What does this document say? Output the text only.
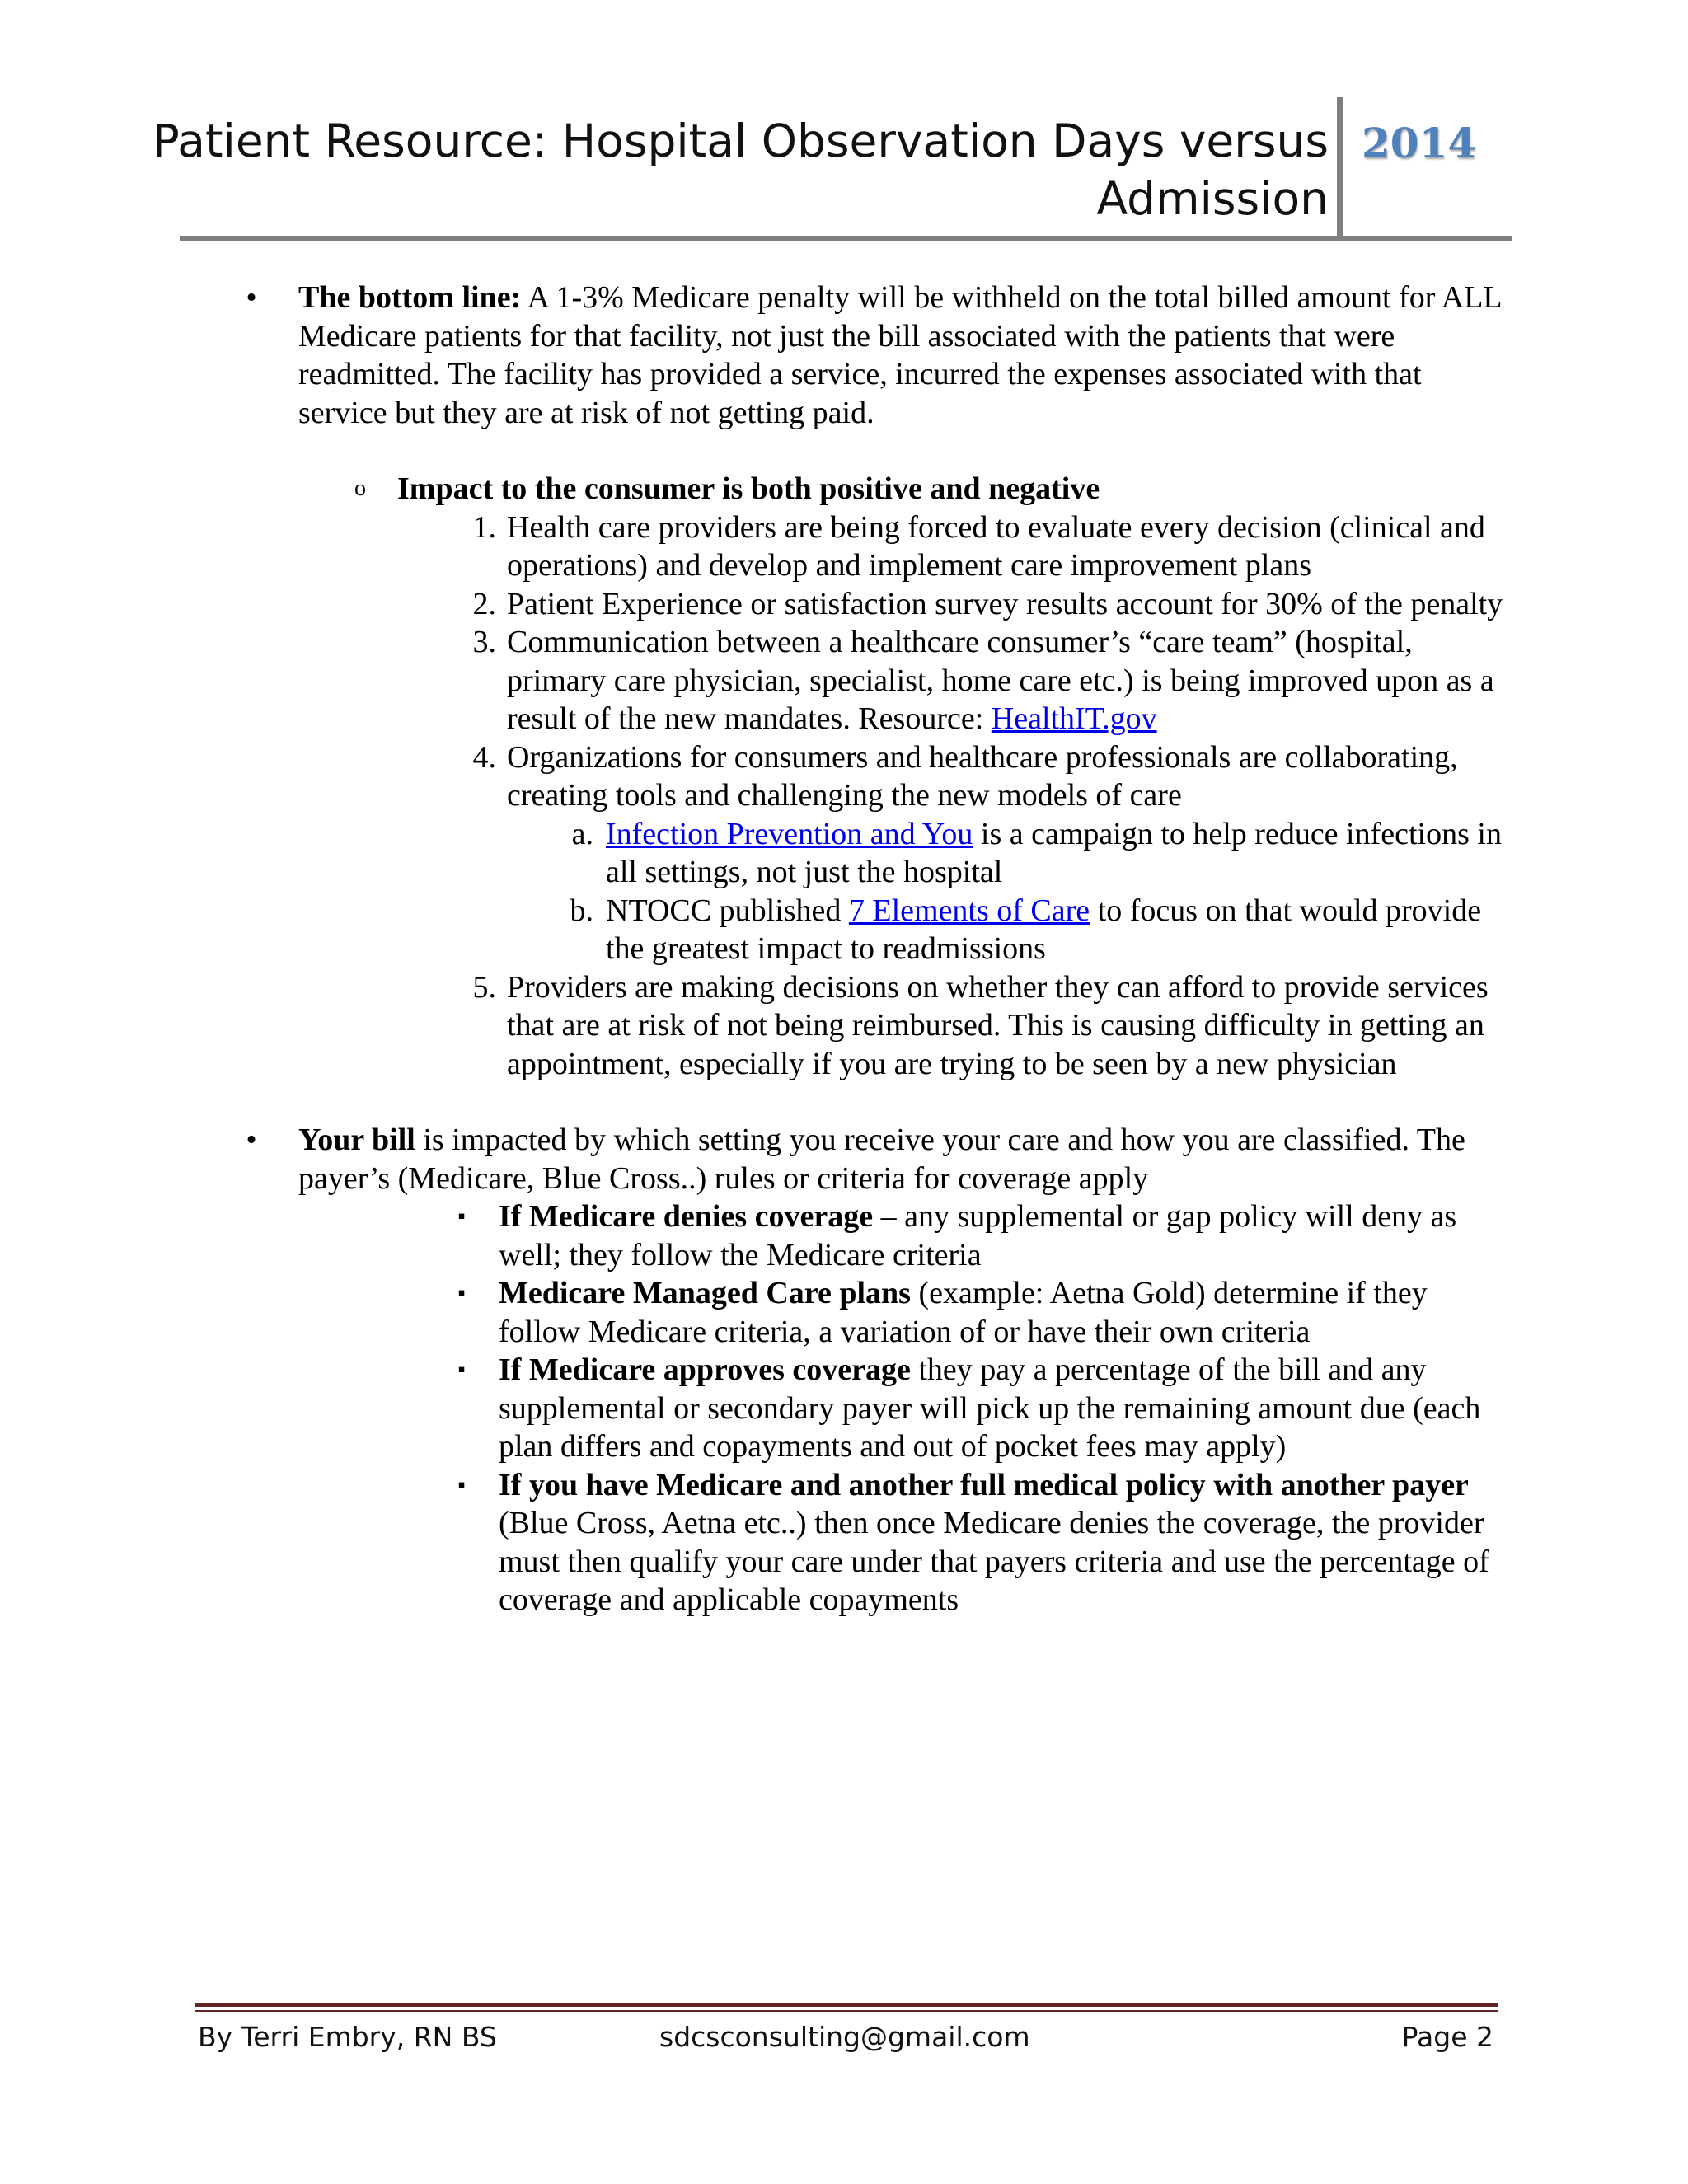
Patient Resource: Hospital Observation Days versus
Admission
2014
• The bottom line: A 1-3% Medicare penalty will be withheld on the total billed amount for ALL Medicare patients for that facility, not just the bill associated with the patients that were readmitted. The facility has provided a service, incurred the expenses associated with that service but they are at risk of not getting paid.
o Impact to the consumer is both positive and negative
1. Health care providers are being forced to evaluate every decision (clinical and operations) and develop and implement care improvement plans
2. Patient Experience or satisfaction survey results account for 30% of the penalty
3. Communication between a healthcare consumer’s “care team” (hospital, primary care physician, specialist, home care etc.) is being improved upon as a result of the new mandates. Resource: HealthIT.gov
4. Organizations for consumers and healthcare professionals are collaborating, creating tools and challenging the new models of care
a. Infection Prevention and You is a campaign to help reduce infections in all settings, not just the hospital
b. NTOCC published 7 Elements of Care to focus on that would provide the greatest impact to readmissions
5. Providers are making decisions on whether they can afford to provide services that are at risk of not being reimbursed. This is causing difficulty in getting an appointment, especially if you are trying to be seen by a new physician
• Your bill is impacted by which setting you receive your care and how you are classified. The payer’s (Medicare, Blue Cross..) rules or criteria for coverage apply
▪	If Medicare denies coverage – any supplemental or gap policy will deny as well; they follow the Medicare criteria
▪	Medicare Managed Care plans (example: Aetna Gold) determine if they follow Medicare criteria, a variation of or have their own criteria
▪	If Medicare approves coverage they pay a percentage of the bill and any supplemental or secondary payer will pick up the remaining amount due (each plan differs and copayments and out of pocket fees may apply)
▪	If you have Medicare and another full medical policy with another payer (Blue Cross, Aetna etc..) then once Medicare denies the coverage, the provider must then qualify your care under that payers criteria and use the percentage of coverage and applicable copayments
By Terri Embry, RN BS	sdcsconsulting@gmail.com	Page 2
